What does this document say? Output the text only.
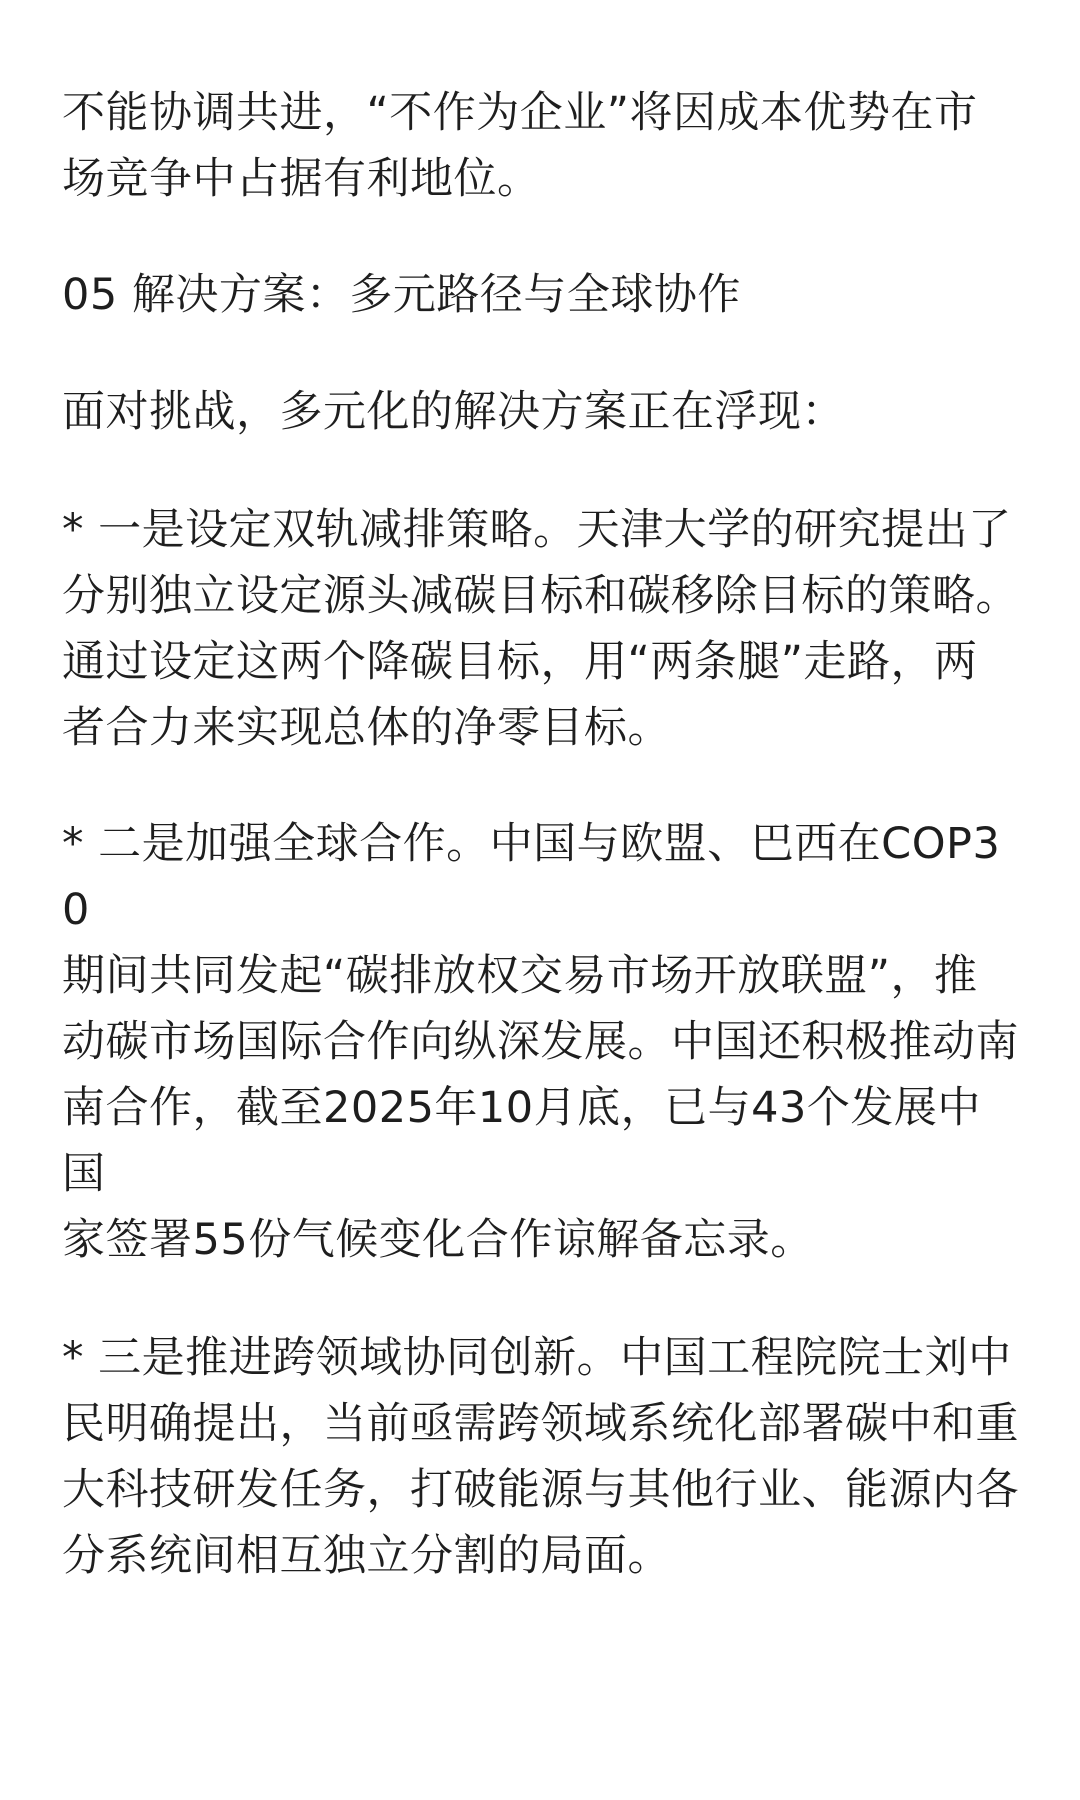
不能协调共进，“不作为企业”将因成本优势在市
场竞争中占据有利地位。

05 解决方案：多元路径与全球协作

面对挑战，多元化的解决方案正在浮现：

* 一是设定双轨减排策略。天津大学的研究提出了
分别独立设定源头减碳目标和碳移除目标的策略。
通过设定这两个降碳目标，用“两条腿”走路，两
者合力来实现总体的净零目标。

* 二是加强全球合作。中国与欧盟、巴西在COP30
期间共同发起“碳排放权交易市场开放联盟”，推
动碳市场国际合作向纵深发展。中国还积极推动南
南合作，截至2025年10月底，已与43个发展中国
家签署55份气候变化合作谅解备忘录。

* 三是推进跨领域协同创新。中国工程院院士刘中
民明确提出，当前亟需跨领域系统化部署碳中和重
大科技研发任务，打破能源与其他行业、能源内各
分系统间相互独立分割的局面。
